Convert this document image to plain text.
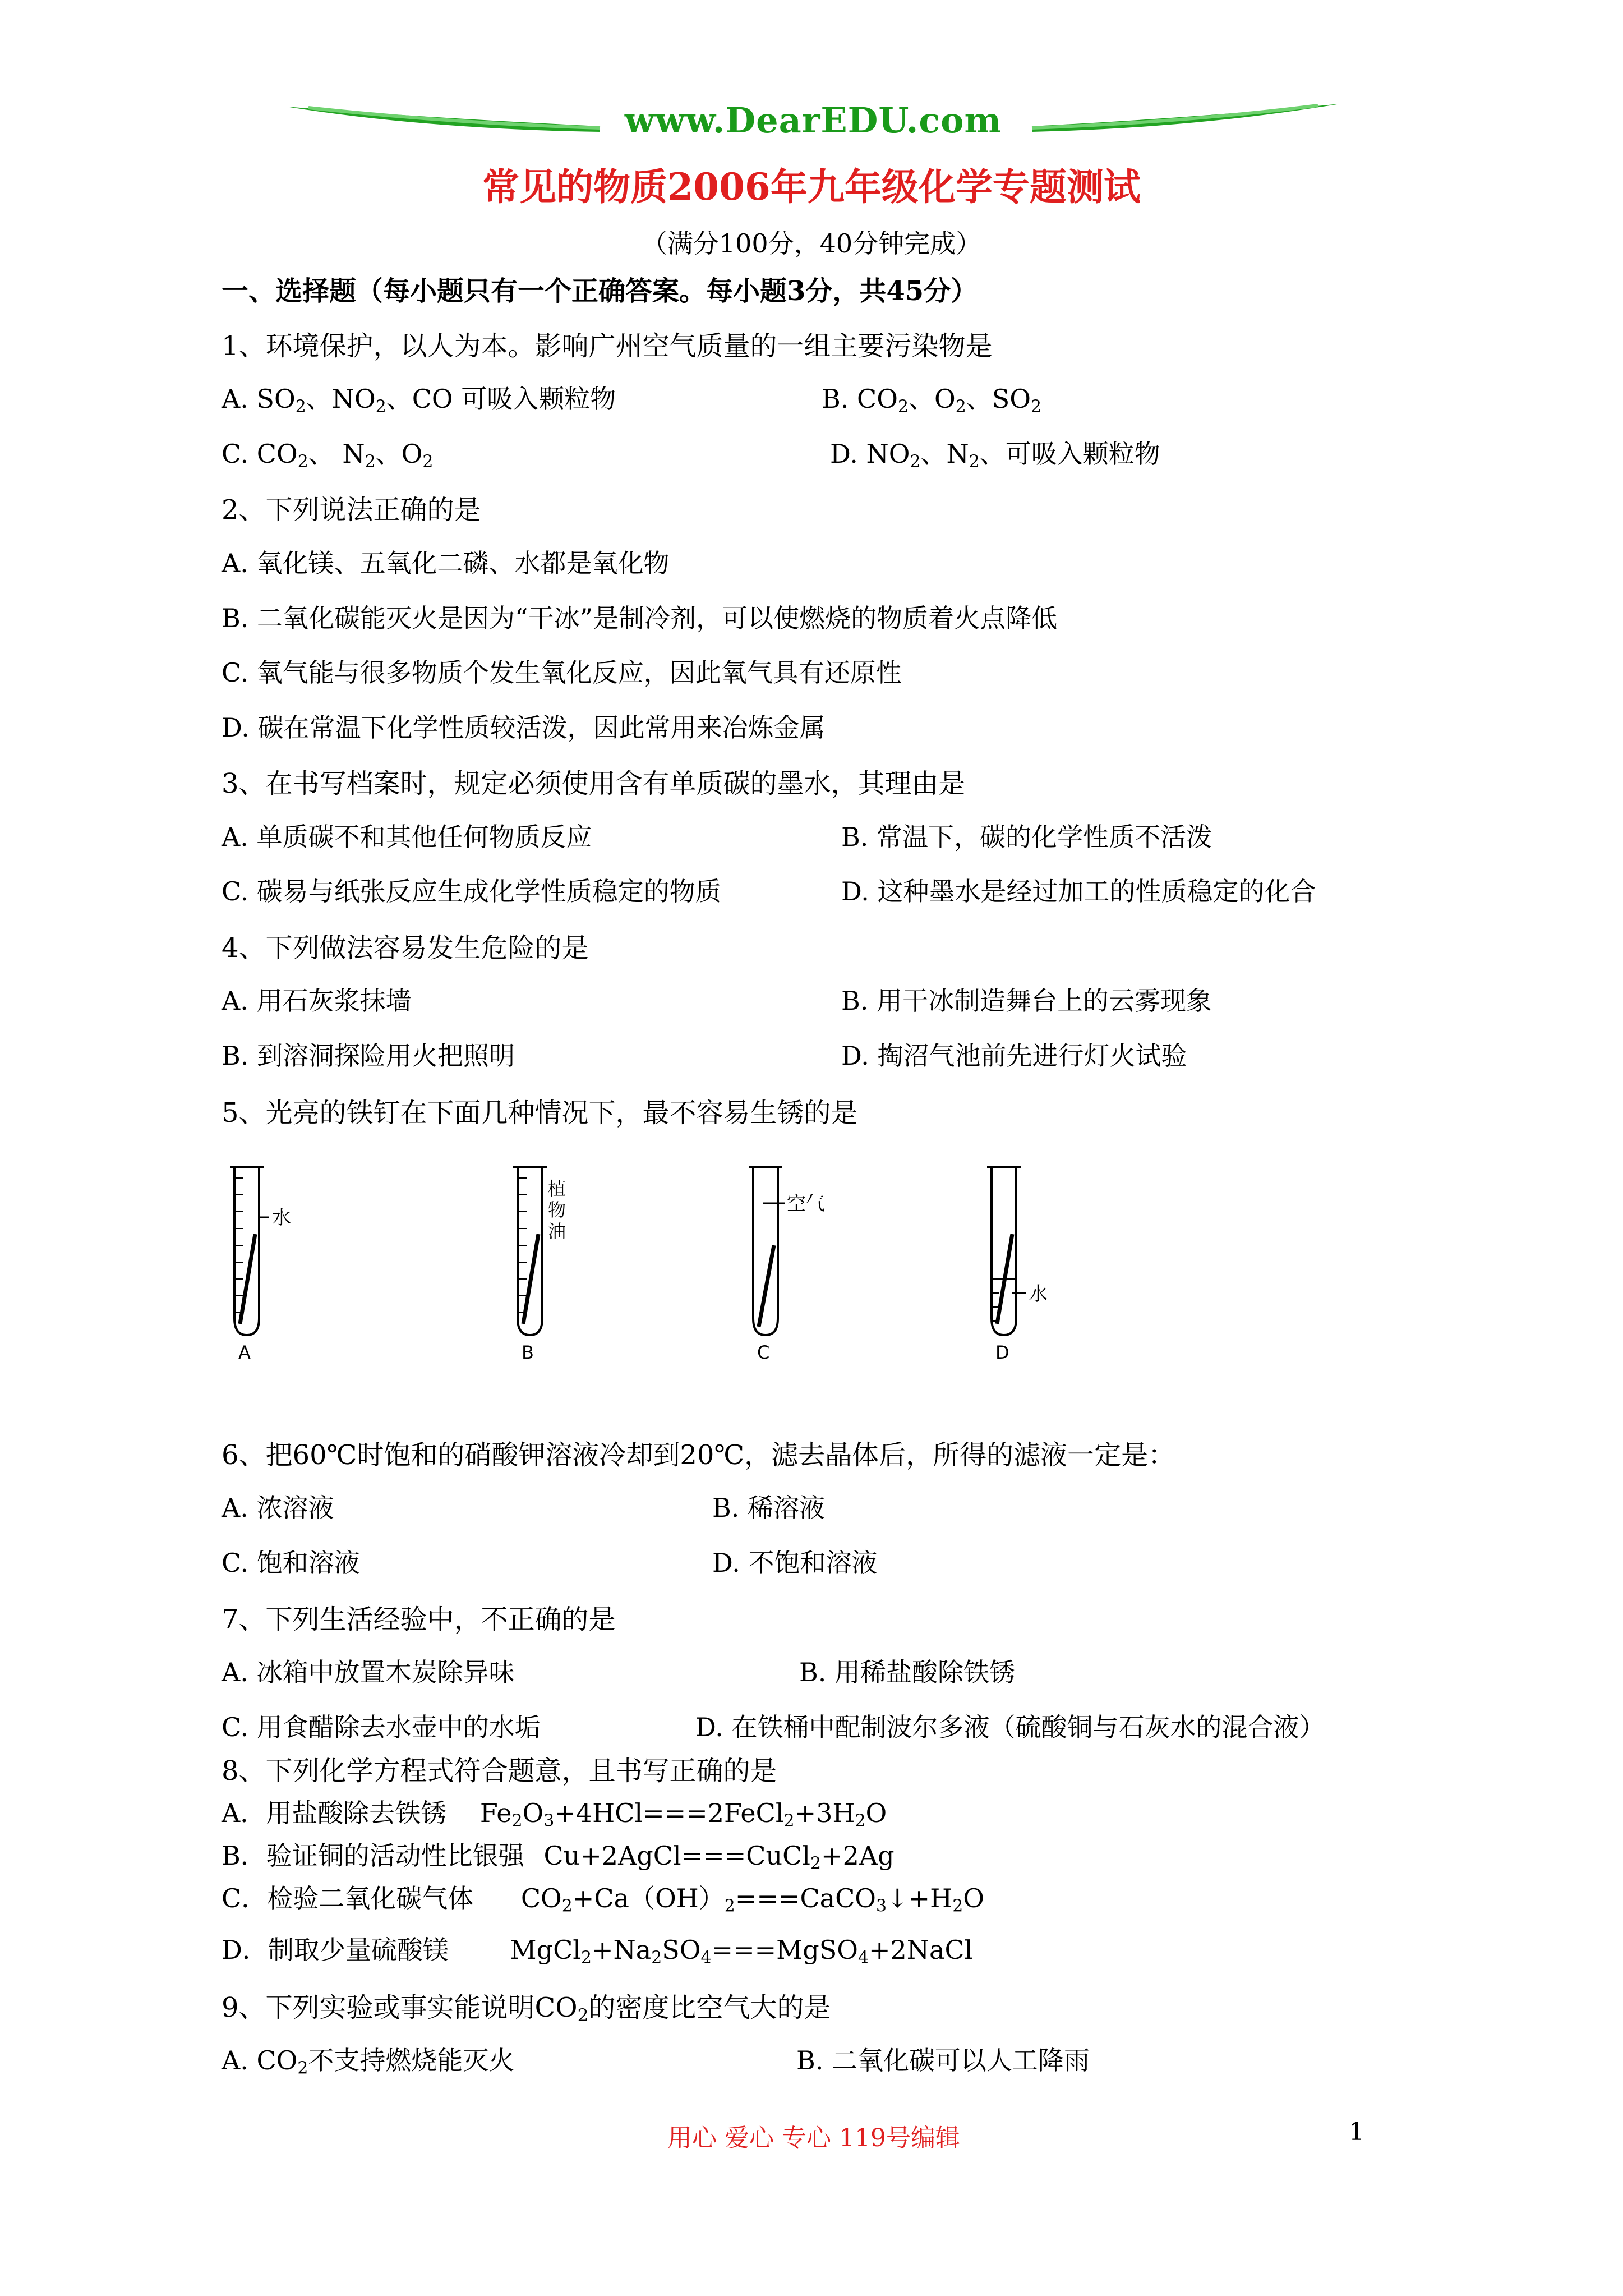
www.DearEDU.com
常见的物质2006年九年级化学专题测试
（满分100分，40分钟完成）
一、选择题（每小题只有一个正确答案。每小题3分，共45分）
1、环境保护，以人为本。影响广州空气质量的一组主要污染物是
A. $SO_2$、$NO_2$、CO 可吸入颗粒物	B. $CO_2$、$O_2$、$SO_2$
C. $CO_2$、 $N_2$、$O_2$	D. $NO_2$、$N_2$、可吸入颗粒物
2、下列说法正确的是
A. 氧化镁、五氧化二磷、水都是氧化物
B. 二氧化碳能灭火是因为“干冰”是制冷剂，可以使燃烧的物质着火点降低
C. 氧气能与很多物质个发生氧化反应，因此氧气具有还原性
D. 碳在常温下化学性质较活泼，因此常用来冶炼金属
3、在书写档案时，规定必须使用含有单质碳的墨水，其理由是
A. 单质碳不和其他任何物质反应	B. 常温下，碳的化学性质不活泼
C. 碳易与纸张反应生成化学性质稳定的物质	D. 这种墨水是经过加工的性质稳定的化合
4、下列做法容易发生危险的是
A. 用石灰浆抹墙	B. 用干冰制造舞台上的云雾现象
B. 到溶洞探险用火把照明	D. 掏沼气池前先进行灯火试验
5、光亮的铁钉在下面几种情况下，最不容易生锈的是
水
A
植
物
油
B
空气
C
水
D
6、把60℃时饱和的硝酸钾溶液冷却到20℃，滤去晶体后，所得的滤液一定是：
A. 浓溶液	B. 稀溶液
C. 饱和溶液	D. 不饱和溶液
7、下列生活经验中，不正确的是
A. 冰箱中放置木炭除异味	B. 用稀盐酸除铁锈
C. 用食醋除去水壶中的水垢	D. 在铁桶中配制波尔多液（硫酸铜与石灰水的混合液）
8、下列化学方程式符合题意，且书写正确的是
A．用盐酸除去铁锈 $Fe_2O_3+4HCl===2FeCl_2+3H_2O$
B．验证铜的活动性比银强 Cu+2AgCl===CuCl$_2$+2Ag
C．检验二氧化碳气体 $CO_2+Ca(OH)_2===CaCO_3↓+H_2O$
D．制取少量硫酸镁 $MgCl_2+Na_2SO_4===MgSO_4+2NaCl$
9、下列实验或事实能说明$CO_2$的密度比空气大的是
A. $CO_2$不支持燃烧能灭火	B. 二氧化碳可以人工降雨
用心 爱心 专心 119号编辑	1
